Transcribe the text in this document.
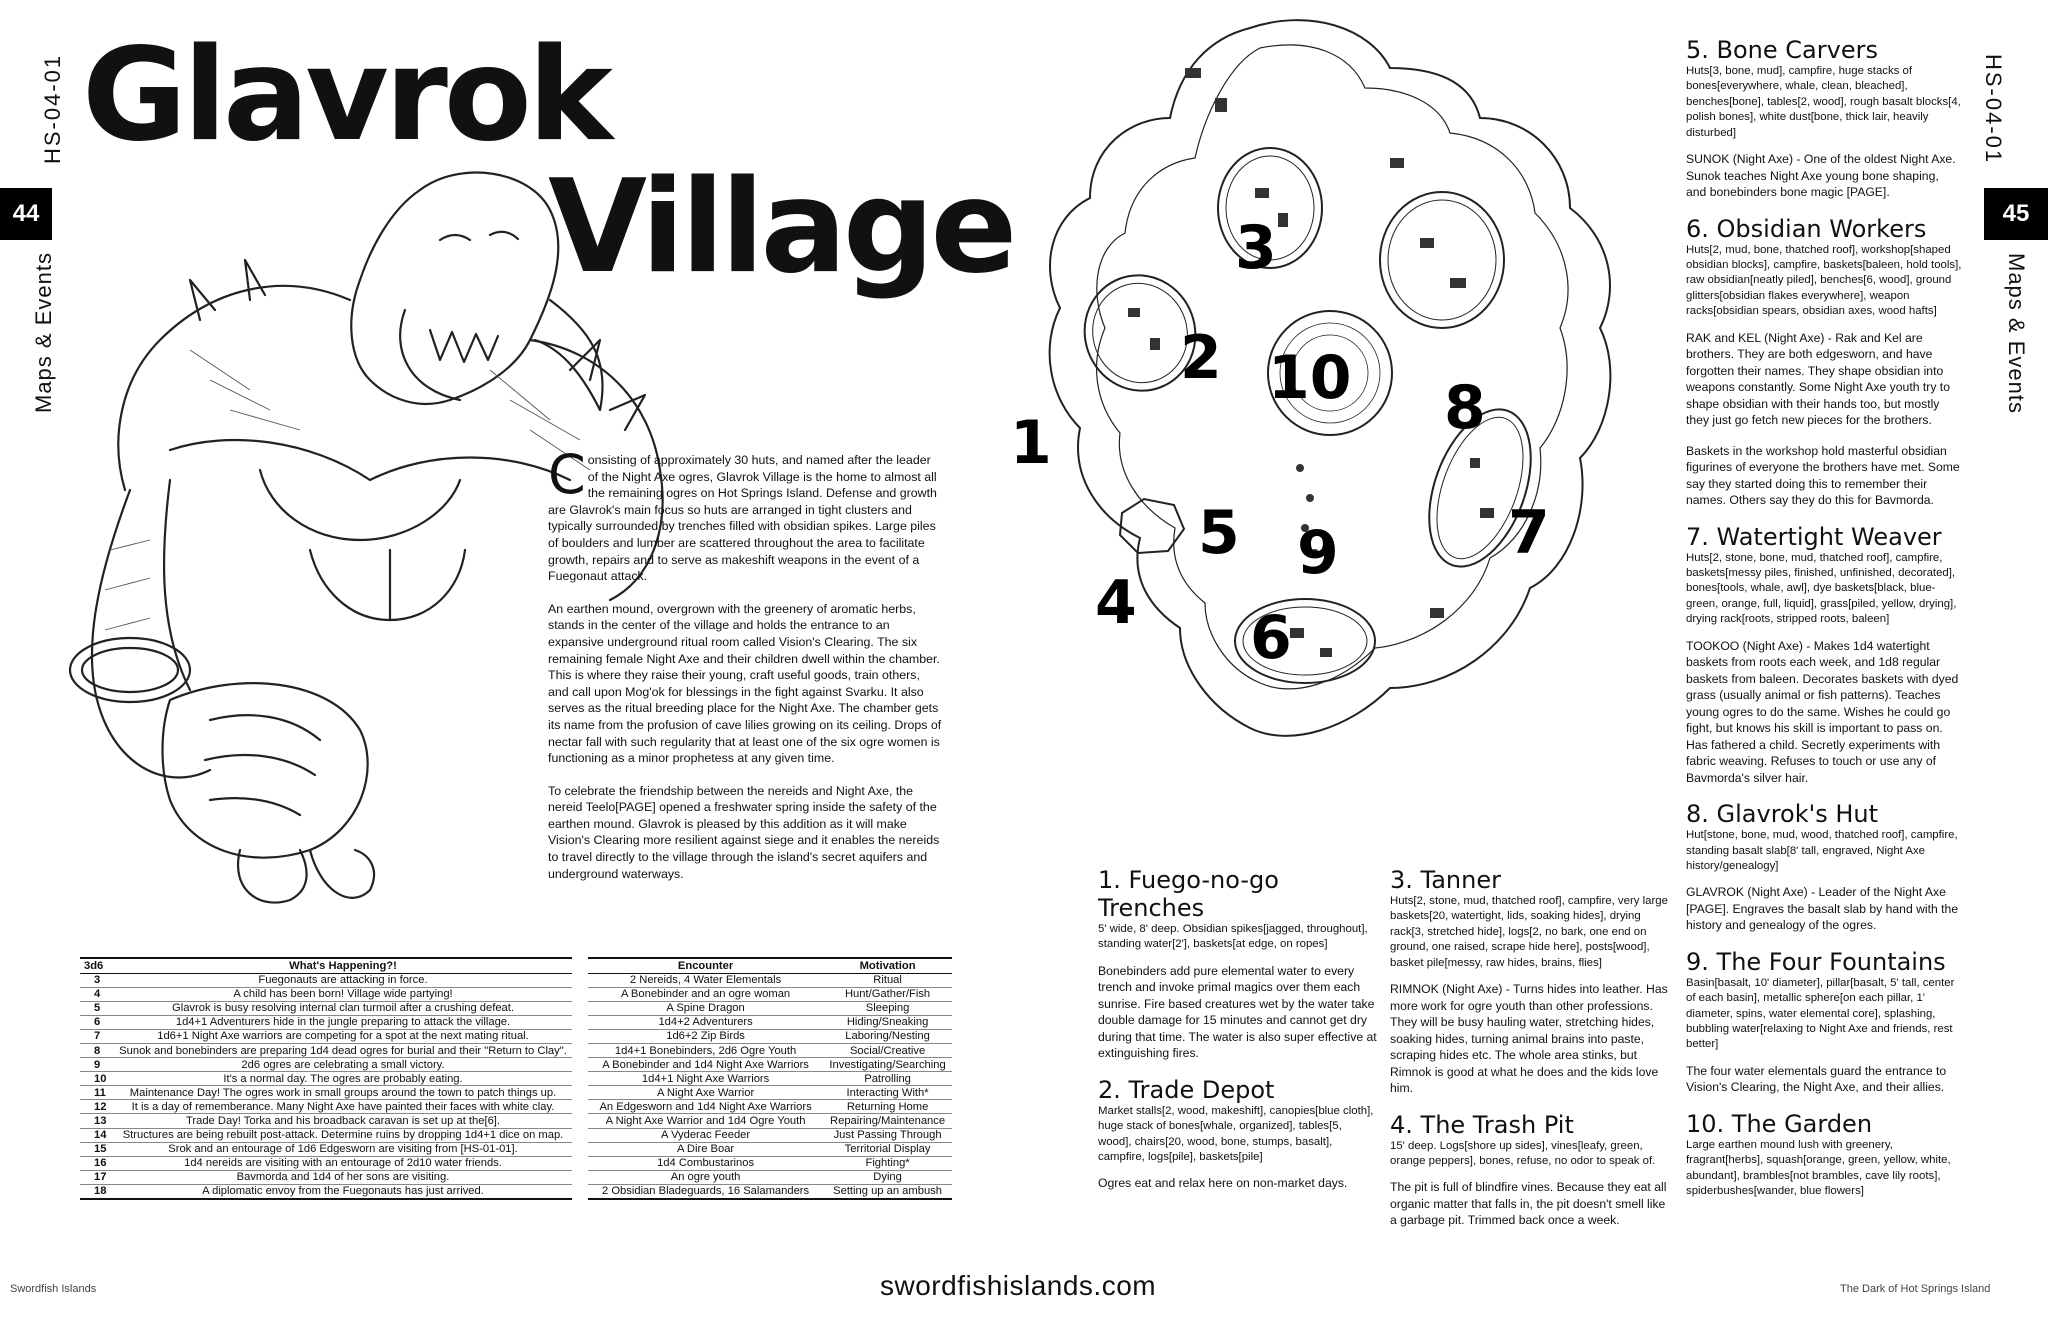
HS-04-01
44
Maps & Events
Glavrok
Village

C onsisting of approximately 30 huts, and named after the leader of the Night Axe ogres, Glavrok Village is the home to almost all the remaining ogres on Hot Springs Island. Defense and growth are Glavrok's main focus so huts are arranged in tight clusters and typically surrounded by trenches filled with obsidian spikes. Large piles of boulders and lumber are scattered throughout the area to facilitate growth, repairs and to serve as makeshift weapons in the event of a Fuegonaut attack.

An earthen mound, overgrown with the greenery of aromatic herbs, stands in the center of the village and holds the entrance to an expansive underground ritual room called Vision's Clearing. The six remaining female Night Axe and their children dwell within the chamber. This is where they raise their young, craft useful goods, train others, and call upon Mog'ok for blessings in the fight against Svarku. It also serves as the ritual breeding place for the Night Axe. The chamber gets its name from the profusion of cave lilies growing on its ceiling. Drops of nectar fall with such regularity that at least one of the six ogre women is functioning as a minor prophetess at any given time.

To celebrate the friendship between the nereids and Night Axe, the nereid Teelo[PAGE] opened a freshwater spring inside the safety of the earthen mound. Glavrok is pleased by this addition as it will make Vision's Clearing more resilient against siege and it enables the nereids to travel directly to the village through the island's secret aquifers and underground waterways.

3d6	What's Happening?!
3	Fuegonauts are attacking in force.
4	A child has been born! Village wide partying!
5	Glavrok is busy resolving internal clan turmoil after a crushing defeat.
6	1d4+1 Adventurers hide in the jungle preparing to attack the village.
7	1d6+1 Night Axe warriors are competing for a spot at the next mating ritual.
8	Sunok and bonebinders are preparing 1d4 dead ogres for burial and their "Return to Clay".
9	2d6 ogres are celebrating a small victory.
10	It's a normal day. The ogres are probably eating.
11	Maintenance Day! The ogres work in small groups around the town to patch things up.
12	It is a day of rememberance. Many Night Axe have painted their faces with white clay.
13	Trade Day! Torka and his broadback caravan is set up at the[6].
14	Structures are being rebuilt post-attack. Determine ruins by dropping 1d4+1 dice on map.
15	Srok and an entourage of 1d6 Edgesworn are visiting from [HS-01-01].
16	1d4 nereids are visiting with an entourage of 2d10 water friends.
17	Bavmorda and 1d4 of her sons are visiting.
18	A diplomatic envoy from the Fuegonauts has just arrived.
Encounter	Motivation
2 Nereids, 4 Water Elementals	Ritual
A Bonebinder and an ogre woman	Hunt/Gather/Fish
A Spine Dragon	Sleeping
1d4+2 Adventurers	Hiding/Sneaking
1d6+2 Zip Birds	Laboring/Nesting
1d4+1 Bonebinders, 2d6 Ogre Youth	Social/Creative
A Bonebinder and 1d4 Night Axe Warriors	Investigating/Searching
1d4+1 Night Axe Warriors	Patrolling
A Night Axe Warrior	Interacting With*
An Edgesworn and 1d4 Night Axe Warriors	Returning Home
A Night Axe Warrior and 1d4 Ogre Youth	Repairing/Maintenance
A Vyderac Feeder	Just Passing Through
A Dire Boar	Territorial Display
1d4 Combustarinos	Fighting*
An ogre youth	Dying
2 Obsidian Bladeguards, 16 Salamanders	Setting up an ambush
1
2
3
4
5
6
7
8
9
10
1. Fuego-no-go Trenches
5' wide, 8' deep. Obsidian spikes[jagged, throughout], standing water[2'], baskets[at edge, on ropes]
Bonebinders add pure elemental water to every trench and invoke primal magics over them each sunrise. Fire based creatures wet by the water take double damage for 15 minutes and cannot get dry during that time. The water is also super effective at extinguishing fires.
2. Trade Depot
Market stalls[2, wood, makeshift], canopies[blue cloth], huge stack of bones[whale, organized], tables[5, wood], chairs[20, wood, bone, stumps, basalt], campfire, logs[pile], baskets[pile]
Ogres eat and relax here on non-market days.
3. Tanner
Huts[2, stone, mud, thatched roof], campfire, very large baskets[20, watertight, lids, soaking hides], drying rack[3, stretched hide], logs[2, no bark, one end on ground, one raised, scrape hide here], posts[wood], basket pile[messy, raw hides, brains, flies]
RIMNOK (Night Axe) - Turns hides into leather. Has more work for ogre youth than other professions. They will be busy hauling water, stretching hides, soaking hides, turning animal brains into paste, scraping hides etc. The whole area stinks, but Rimnok is good at what he does and the kids love him.
4. The Trash Pit
15' deep. Logs[shore up sides], vines[leafy, green, orange peppers], bones, refuse, no odor to speak of.
The pit is full of blindfire vines. Because they eat all organic matter that falls in, the pit doesn't smell like a garbage pit. Trimmed back once a week.
5. Bone Carvers
Huts[3, bone, mud], campfire, huge stacks of bones[everywhere, whale, clean, bleached], benches[bone], tables[2, wood], rough basalt blocks[4, polish bones], white dust[bone, thick lair, heavily disturbed]
SUNOK (Night Axe) - One of the oldest Night Axe. Sunok teaches Night Axe young bone shaping, and bonebinders bone magic [PAGE].
6. Obsidian Workers
Huts[2, mud, bone, thatched roof], workshop[shaped obsidian blocks], campfire, baskets[baleen, hold tools], raw obsidian[neatly piled], benches[6, wood], ground glitters[obsidian flakes everywhere], weapon racks[obsidian spears, obsidian axes, wood hafts]
RAK and KEL (Night Axe) - Rak and Kel are brothers. They are both edgesworn, and have forgotten their names. They shape obsidian into weapons constantly. Some Night Axe youth try to shape obsidian with their hands too, but mostly they just go fetch new pieces for the brothers.
Baskets in the workshop hold masterful obsidian figurines of everyone the brothers have met. Some say they started doing this to remember their names. Others say they do this for Bavmorda.
7. Watertight Weaver
Huts[2, stone, bone, mud, thatched roof], campfire, baskets[messy piles, finished, unfinished, decorated], bones[tools, whale, awl], dye baskets[black, blue-green, orange, full, liquid], grass[piled, yellow, drying], drying rack[roots, stripped roots, baleen]
TOOKOO (Night Axe) - Makes 1d4 watertight baskets from roots each week, and 1d8 regular baskets from baleen. Decorates baskets with dyed grass (usually animal or fish patterns). Teaches young ogres to do the same. Wishes he could go fight, but knows his skill is important to pass on. Has fathered a child. Secretly experiments with fabric weaving. Refuses to touch or use any of Bavmorda's silver hair.
8. Glavrok's Hut
Hut[stone, bone, mud, wood, thatched roof], campfire, standing basalt slab[8' tall, engraved, Night Axe history/genealogy]
GLAVROK (Night Axe) - Leader of the Night Axe [PAGE]. Engraves the basalt slab by hand with the history and genealogy of the ogres.
9. The Four Fountains
Basin[basalt, 10' diameter], pillar[basalt, 5' tall, center of each basin], metallic sphere[on each pillar, 1' diameter, spins, water elemental core], splashing, bubbling water[relaxing to Night Axe and friends, rest better]
The four water elementals guard the entrance to Vision's Clearing, the Night Axe, and their allies.
10. The Garden
Large earthen mound lush with greenery, fragrant[herbs], squash[orange, green, yellow, white, abundant], brambles[not brambles, cave lily roots], spiderbushes[wander, blue flowers]
HS-04-01
45
Maps & Events
Swordfish Islands	swordfishislands.com	The Dark of Hot Springs Island
